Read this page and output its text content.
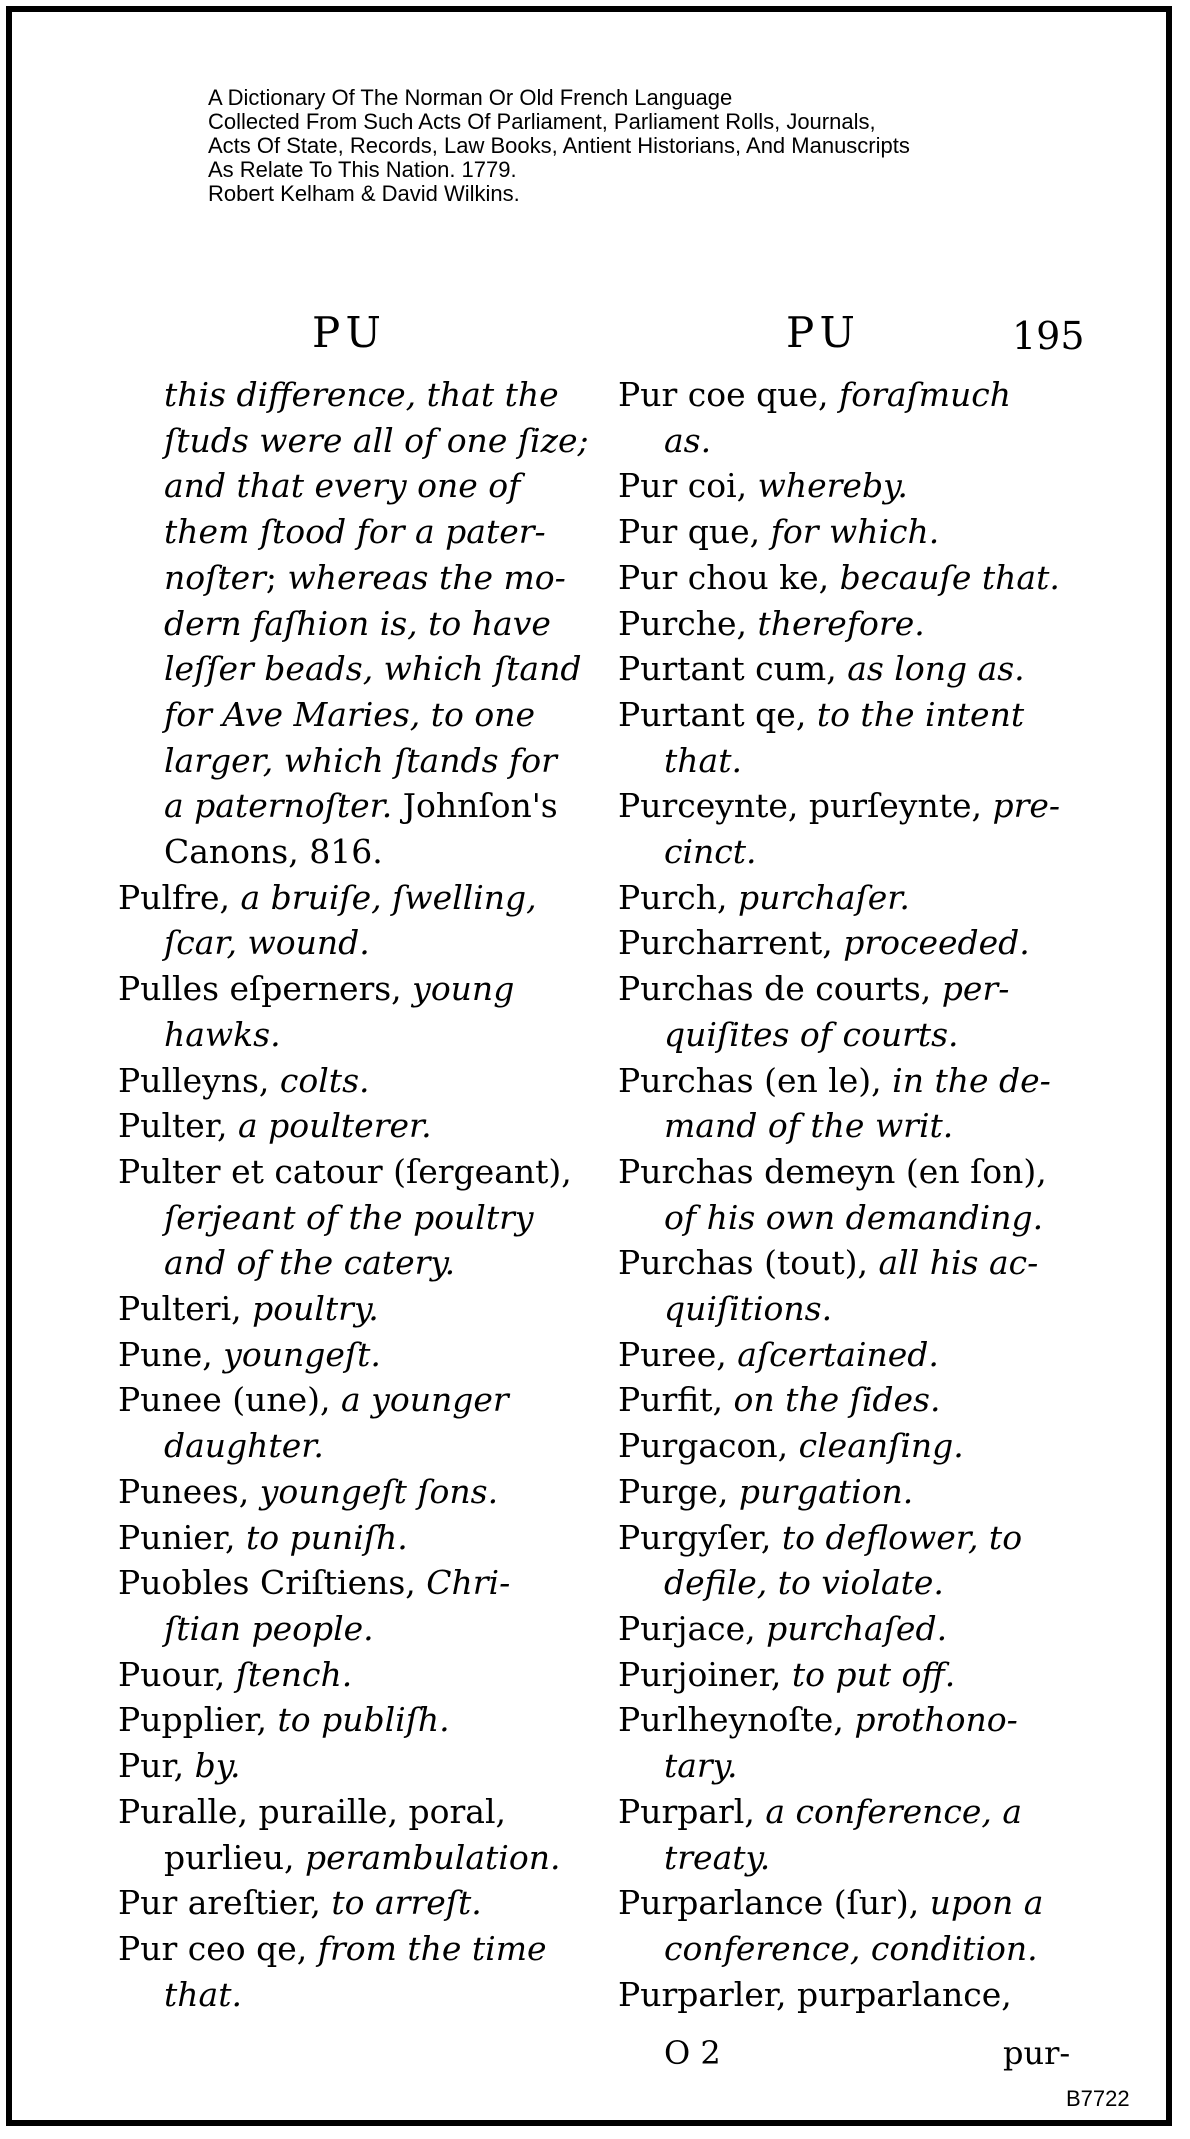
A Dictionary Of The Norman Or Old French Language
Collected From Such Acts Of Parliament, Parliament Rolls, Journals,
Acts Of State, Records, Law Books, Antient Historians, And Manuscripts
As Relate To This Nation. 1779.
Robert Kelham & David Wilkins.
PU	PU	195
this difference, that the
ſtuds were all of one ſize;
and that every one of
them ſtood for a pater-
noſter; whereas the mo-
dern faſhion is, to have
leſſer beads, which ſtand
for Ave Maries, to one
larger, which ſtands for
a paternoſter. Johnſon's
Canons, 816.
Pulfre, a bruiſe, ſwelling,
ſcar, wound.
Pulles eſperners, young
hawks.
Pulleyns, colts.
Pulter, a poulterer.
Pulter et catour (ſergeant),
ſerjeant of the poultry
and of the catery.
Pulteri, poultry.
Pune, youngeſt.
Punee (une), a younger
daughter.
Punees, youngeſt ſons.
Punier, to puniſh.
Puobles Criſtiens, Chri-
ſtian people.
Puour, ſtench.
Pupplier, to publiſh.
Pur, by.
Puralle, puraille, poral,
purlieu, perambulation.
Pur areſtier, to arreſt.
Pur ceo qe, from the time
that.
Pur coe que, foraſmuch
as.
Pur coi, whereby.
Pur que, for which.
Pur chou ke, becauſe that.
Purche, therefore.
Purtant cum, as long as.
Purtant qe, to the intent
that.
Purceynte, purſeynte, pre-
cinct.
Purch, purchaſer.
Purcharrent, proceeded.
Purchas de courts, per-
quiſites of courts.
Purchas (en le), in the de-
mand of the writ.
Purchas demeyn (en ſon),
of his own demanding.
Purchas (tout), all his ac-
quiſitions.
Puree, aſcertained.
Purfit, on the ſides.
Purgacon, cleanſing.
Purge, purgation.
Purgyſer, to deflower, to
defile, to violate.
Purjace, purchaſed.
Purjoiner, to put off.
Purlheynoſte, prothono-
tary.
Purparl, a conference, a
treaty.
Purparlance (ſur), upon a
conference, condition.
Purparler, purparlance,
O 2	pur-
B7722
